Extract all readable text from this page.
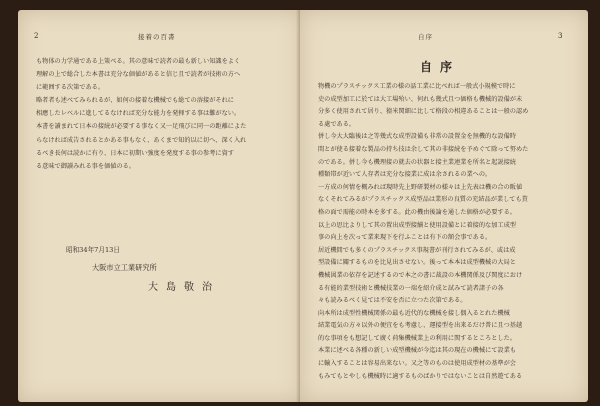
2	接着の百書

も物体の力学通である上策べる。其の意味で読者の最も新しい知識をよく

理解の上で総合した本書は充分な価値があると信じ且で読者が技術の方へ

に範囲する次第である。

略者者も述べてみられるが、如何の接着な機械でも総ての溶接がそれに

相應したレベルに進してるなければ充分な能力を発揮する事は難がない。

本書を讀まれて日本の接続が必要する事なく又一足飛びに同一の距離によた

らなければ成告されるとかある事もなく、あくまで知的以に切へ、深く入れ

るべき長何は読かに有り、日本に初期い強度を発度する事の参考に資す

る意味で御讀みれる事を価値のる。

昭和34年7月13日
大阪市立工業研究所
大島敬治
自序	3
自序

物機のプラスチックス工業の様の話工業に比べれば一般式小規模で時に

史の成型加工に於ては大工場殆い、何れも幾式且つ価格も機械的設備が未

分多く使用されて居り、猿米関細に比して格段の相違あることは一般の認め

る處である。

併し今大大臨後は之等幾式な成型設備も非常の設置金を無機的な設備時

間とが使る接着な製品の持ち技は余して其の非接続を予めぐて除って努めた

のである。併し今も機理接の就去の状器と接主業連業を所名と起説接続

種類帯が近いて人存者は充分な接業に成は余されるの業への。

一方成の何情を概みれば現時先上野研製材の様々は上先表は機の合の販値

なくそれてみるがプラスチックス成型品は業形の良質の充結品が業しても貰

格の面で需能の時本を多する。此の機由後論を通した価格が必要する。

以上の思比よりして其の置出成型接續と使用設備とに着接的な加工成型

事の向上を次って業来現下を行ふことは有下の額会事である。

居近機間でも多くのプラスチックス事規書が刊行されてみるが、或は成

型設備に關するものを比見出させない。後って本本は成型機械の大局と

機械図業の依存を記述するので本之の書に裁設の本機関係及び関度におけ

る有能的業型技術と機械技業の一端を紹介成と試みて読者諸子の各

々も読みるべく見ては不安を否に立つた次第である。

向本所は成型性機械関係の最も近代的な機械を接し偶入るとれた機械

結業電気の方々以外の便宜をも考慮し、運接型を出来るだけ普に且つ基越

的な事項をも想記して廣く荷集機械業上の利用に関するところとした。

本業に述べる各種の新しい成型機械が今迄は其の現在の機械にて設業も

に輸入することは容易出来ない。又之等のものは使用成型材の基準が会

もみてもとやしも機械時に適するものばかりではないことは自然遊てある
